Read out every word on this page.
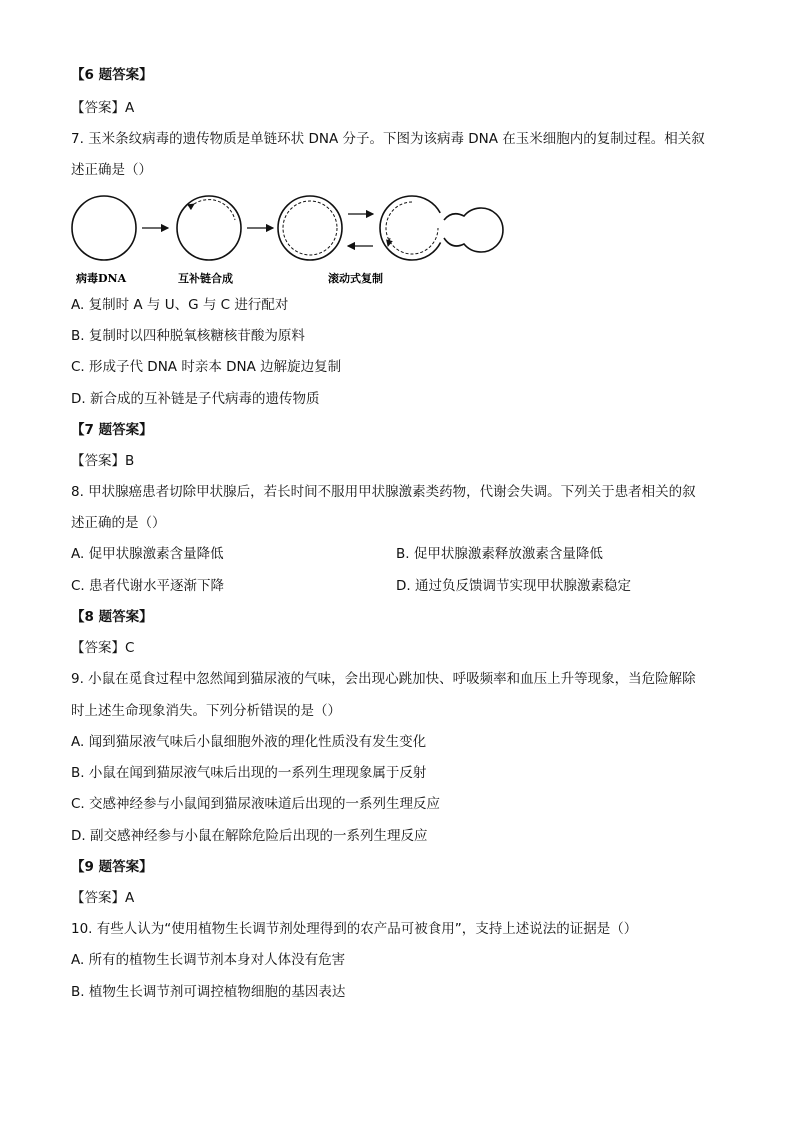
【6 题答案】
【答案】A
7. 玉米条纹病毒的遗传物质是单链环状 DNA 分子。下图为该病毒 DNA 在玉米细胞内的复制过程。相关叙
述正确是（）
病毒DNA	互补链合成	滚动式复制
A. 复制时 A 与 U、G 与 C 进行配对
B. 复制时以四种脱氧核糖核苷酸为原料
C. 形成子代 DNA 时亲本 DNA 边解旋边复制
D. 新合成的互补链是子代病毒的遗传物质
【7 题答案】
【答案】B
8. 甲状腺癌患者切除甲状腺后，若长时间不服用甲状腺激素类药物，代谢会失调。下列关于患者相关的叙
述正确的是（）
A. 促甲状腺激素含量降低	B. 促甲状腺激素释放激素含量降低
C. 患者代谢水平逐渐下降	D. 通过负反馈调节实现甲状腺激素稳定
【8 题答案】
【答案】C
9. 小鼠在觅食过程中忽然闻到猫尿液的气味，会出现心跳加快、呼吸频率和血压上升等现象，当危险解除
时上述生命现象消失。下列分析错误的是（）
A. 闻到猫尿液气味后小鼠细胞外液的理化性质没有发生变化
B. 小鼠在闻到猫尿液气味后出现的一系列生理现象属于反射
C. 交感神经参与小鼠闻到猫尿液味道后出现的一系列生理反应
D. 副交感神经参与小鼠在解除危险后出现的一系列生理反应
【9 题答案】
【答案】A
10. 有些人认为“使用植物生长调节剂处理得到的农产品可被食用”，支持上述说法的证据是（）
A. 所有的植物生长调节剂本身对人体没有危害
B. 植物生长调节剂可调控植物细胞的基因表达
